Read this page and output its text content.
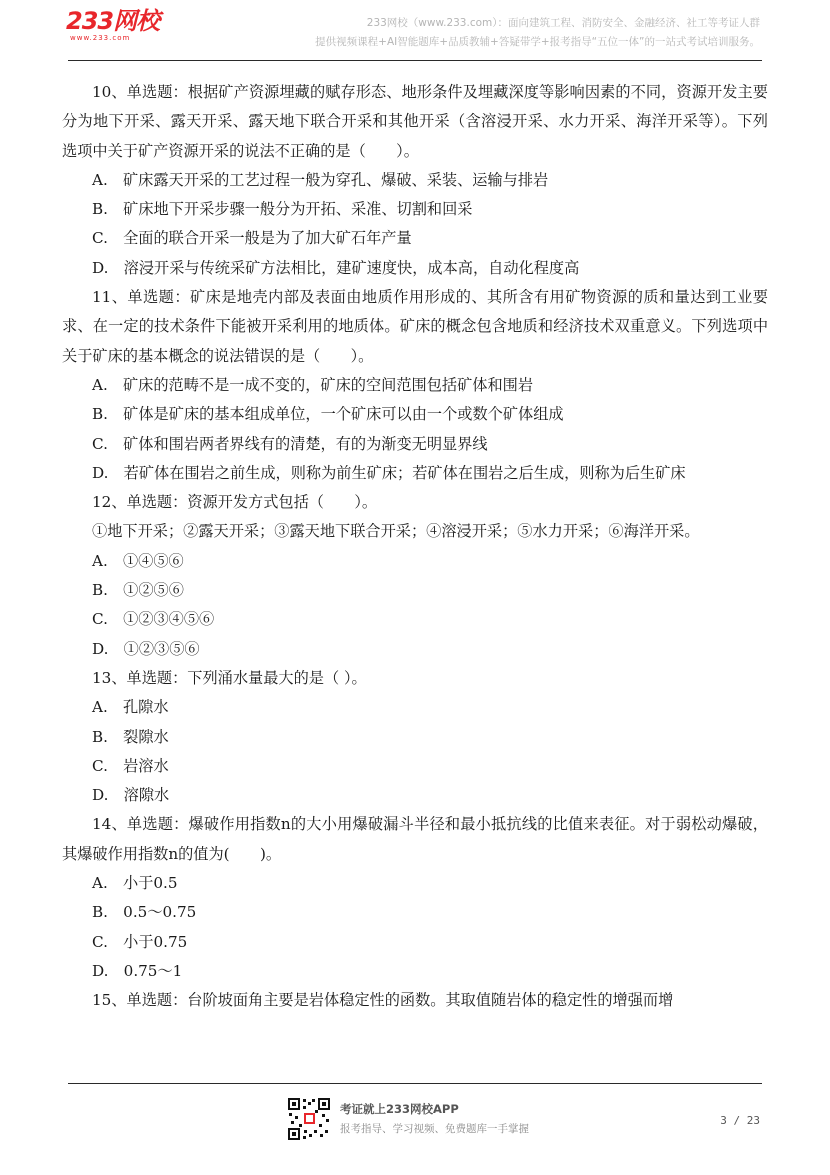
233网校
www.233.com
233网校（www.233.com）：面向建筑工程、消防安全、金融经济、社工等考证人群
提供视频课程+AI智能题库+品质教辅+答疑带学+报考指导“五位一体”的一站式考试培训服务。

10、单选题：根据矿产资源埋藏的赋存形态、地形条件及埋藏深度等影响因素的不同，资源开发主要分为地下开采、露天开采、露天地下联合开采和其他开采（含溶浸开采、水力开采、海洋开采等）。下列选项中关于矿产资源开采的说法不正确的是（　　）。

A.　矿床露天开采的工艺过程一般为穿孔、爆破、采装、运输与排岩

B.　矿床地下开采步骤一般分为开拓、采准、切割和回采

C.　全面的联合开采一般是为了加大矿石年产量

D.　溶浸开采与传统采矿方法相比，建矿速度快，成本高，自动化程度高

11、单选题：矿床是地壳内部及表面由地质作用形成的、其所含有用矿物资源的质和量达到工业要求、在一定的技术条件下能被开采利用的地质体。矿床的概念包含地质和经济技术双重意义。下列选项中关于矿床的基本概念的说法错误的是（　　）。

A.　矿床的范畴不是一成不变的，矿床的空间范围包括矿体和围岩

B.　矿体是矿床的基本组成单位，一个矿床可以由一个或数个矿体组成

C.　矿体和围岩两者界线有的清楚，有的为渐变无明显界线

D.　若矿体在围岩之前生成，则称为前生矿床；若矿体在围岩之后生成，则称为后生矿床

12、单选题：资源开发方式包括（　　）。

①地下开采；②露天开采；③露天地下联合开采；④溶浸开采；⑤水力开采；⑥海洋开采。

A.　①④⑤⑥

B.　①②⑤⑥

C.　①②③④⑤⑥

D.　①②③⑤⑥

13、单选题：下列涌水量最大的是（ ）。

A.　孔隙水

B.　裂隙水

C.　岩溶水

D.　溶隙水

14、单选题：爆破作用指数n的大小用爆破漏斗半径和最小抵抗线的比值来表征。对于弱松动爆破，其爆破作用指数n的值为(　　)。

A.　小于0.5

B.　0.5～0.75

C.　小于0.75

D.　0.75～1

15、单选题：台阶坡面角主要是岩体稳定性的函数。其取值随岩体的稳定性的增强而增

考证就上233网校APP
报考指导、学习视频、免费题库一手掌握
3 / 23
